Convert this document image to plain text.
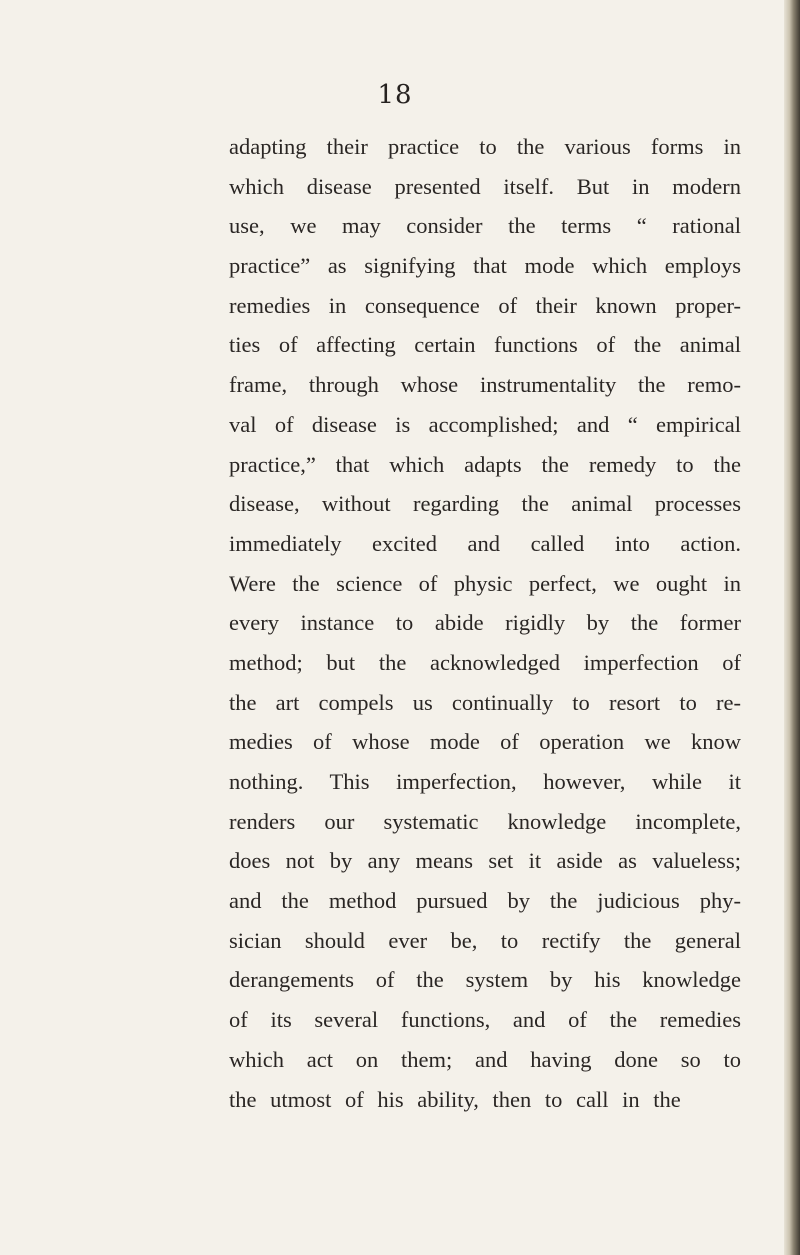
18
adapting their practice to the various forms in
which disease presented itself. But in modern
use, we may consider the terms “ rational
practice” as signifying that mode which employs
remedies in consequence of their known proper-
ties of affecting certain functions of the animal
frame, through whose instrumentality the remo-
val of disease is accomplished; and “ empirical
practice,” that which adapts the remedy to the
disease, without regarding the animal processes
immediately excited and called into action.
Were the science of physic perfect, we ought in
every instance to abide rigidly by the former
method; but the acknowledged imperfection of
the art compels us continually to resort to re-
medies of whose mode of operation we know
nothing. This imperfection, however, while it
renders our systematic knowledge incomplete,
does not by any means set it aside as valueless;
and the method pursued by the judicious phy-
sician should ever be, to rectify the general
derangements of the system by his knowledge
of its several functions, and of the remedies
which act on them; and having done so to
the utmost of his ability, then to call in the
